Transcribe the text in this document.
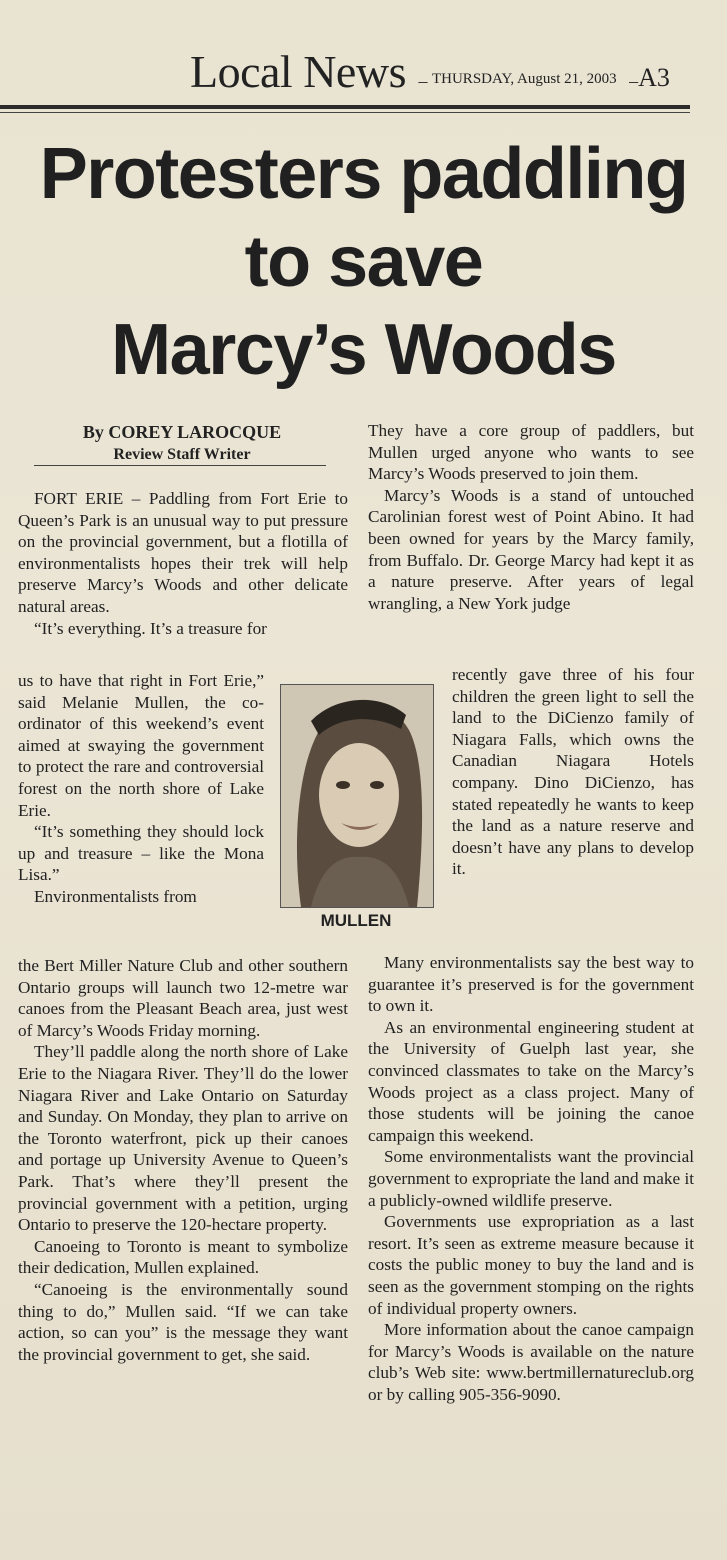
Local News – THURSDAY, August 21, 2003 –A3
Protesters paddling
to save
Marcy’s Woods
By COREY LAROCQUE
Review Staff Writer

FORT ERIE – Paddling from Fort Erie to Queen’s Park is an unusual way to put pressure on the provincial government, but a flotilla of environmentalists hopes their trek will help preserve Marcy’s Woods and other delicate natural areas.

“It’s everything. It’s a treasure for

us to have that right in Fort Erie,” said Melanie Mullen, the co-ordinator of this weekend’s event aimed at swaying the government to protect the rare and controversial forest on the north shore of Lake Erie.

“It’s something they should lock up and treasure – like the Mona Lisa.”

Environmentalists from

MULLEN

the Bert Miller Nature Club and other southern Ontario groups will launch two 12-metre war canoes from the Pleasant Beach area, just west of Marcy’s Woods Friday morning.

They’ll paddle along the north shore of Lake Erie to the Niagara River. They’ll do the lower Niagara River and Lake Ontario on Saturday and Sunday. On Monday, they plan to arrive on the Toronto waterfront, pick up their canoes and portage up University Avenue to Queen’s Park. That’s where they’ll present the provincial government with a petition, urging Ontario to preserve the 120-hectare property.

Canoeing to Toronto is meant to symbolize their dedication, Mullen explained.

“Canoeing is the environmentally sound thing to do,” Mullen said. “If we can take action, so can you” is the message they want the provincial government to get, she said.

They have a core group of paddlers, but Mullen urged anyone who wants to see Marcy’s Woods preserved to join them.

Marcy’s Woods is a stand of untouched Carolinian forest west of Point Abino. It had been owned for years by the Marcy family, from Buffalo. Dr. George Marcy had kept it as a nature preserve. After years of legal wrangling, a New York judge

recently gave three of his four children the green light to sell the land to the DiCienzo family of Niagara Falls, which owns the Canadian Niagara Hotels company. Dino DiCienzo, has stated repeatedly he wants to keep the land as a nature reserve and doesn’t have any plans to develop it.

Many environmentalists say the best way to guarantee it’s preserved is for the government to own it.

As an environmental engineering student at the University of Guelph last year, she convinced classmates to take on the Marcy’s Woods project as a class project. Many of those students will be joining the canoe campaign this weekend.

Some environmentalists want the provincial government to expropriate the land and make it a publicly-owned wildlife preserve.

Governments use expropriation as a last resort. It’s seen as extreme measure because it costs the public money to buy the land and is seen as the government stomping on the rights of individual property owners.

More information about the canoe campaign for Marcy’s Woods is available on the nature club’s Web site: www.bertmillernatureclub.org or by calling 905-356-9090.
